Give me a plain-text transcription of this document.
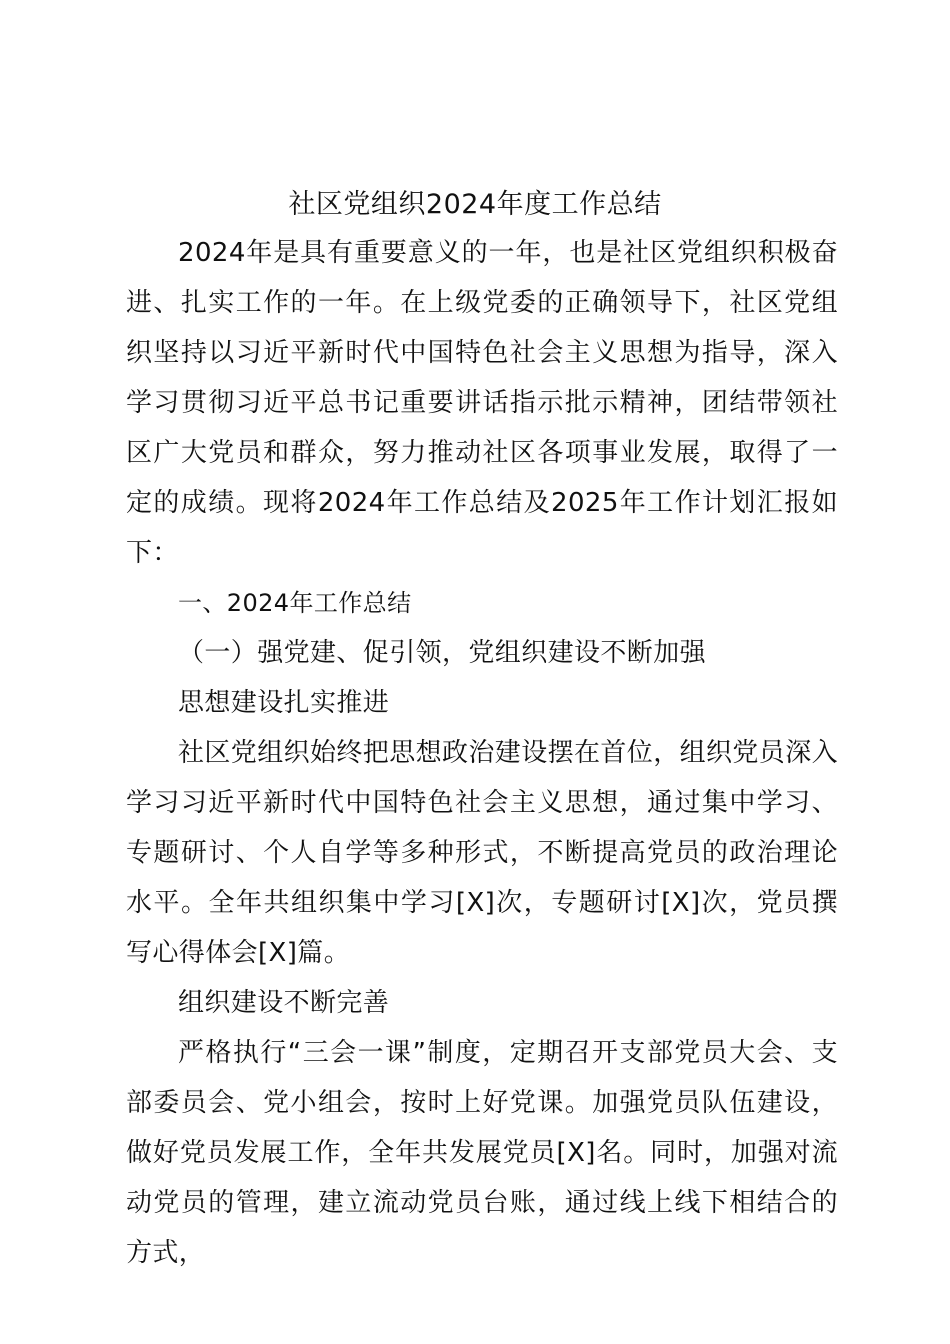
社区党组织2024年度工作总结

2024年是具有重要意义的一年，也是社区党组织积极奋进、扎实工作的一年。在上级党委的正确领导下，社区党组织坚持以习近平新时代中国特色社会主义思想为指导，深入学习贯彻习近平总书记重要讲话指示批示精神，团结带领社区广大党员和群众，努力推动社区各项事业发展，取得了一定的成绩。现将2024年工作总结及2025年工作计划汇报如下：

一、2024年工作总结

（一）强党建、促引领，党组织建设不断加强

思想建设扎实推进

社区党组织始终把思想政治建设摆在首位，组织党员深入学习习近平新时代中国特色社会主义思想，通过集中学习、专题研讨、个人自学等多种形式，不断提高党员的政治理论水平。全年共组织集中学习[X]次，专题研讨[X]次，党员撰写心得体会[X]篇。

组织建设不断完善

严格执行“三会一课”制度，定期召开支部党员大会、支部委员会、党小组会，按时上好党课。加强党员队伍建设，做好党员发展工作，全年共发展党员[X]名。同时，加强对流动党员的管理，建立流动党员台账，通过线上线下相结合的方式，
